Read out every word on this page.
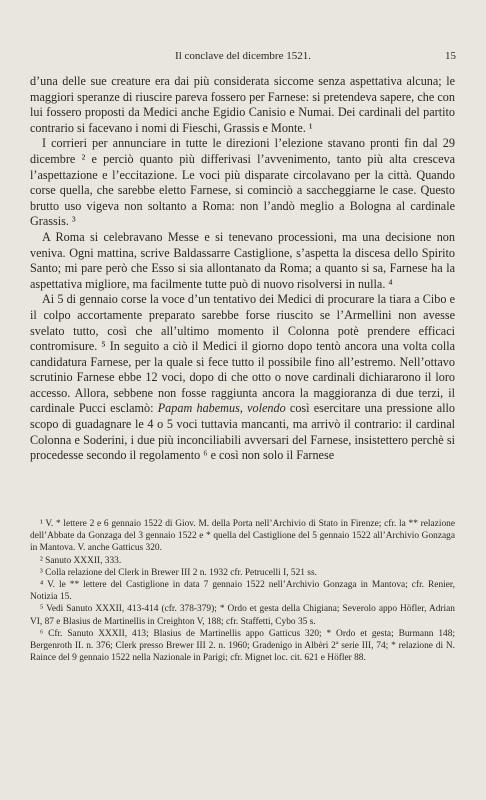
Il conclave del dicembre 1521.	15

d’una delle sue creature era dai più considerata siccome senza aspettativa alcuna; le maggiori speranze di riuscire pareva fossero per Farnese: si pretendeva sapere, che con lui fossero proposti da Medici anche Egidio Canisio e Numai. Dei cardinali del partito contrario si facevano i nomi di Fieschi, Grassis e Monte. ¹

I corrieri per annunciare in tutte le direzioni l’elezione stavano pronti fin dal 29 dicembre ² e perciò quanto più differivasi l’avvenimento, tanto più alta cresceva l’aspettazione e l’eccitazione. Le voci più disparate circolavano per la città. Quando corse quella, che sarebbe eletto Farnese, si cominciò a saccheggiarne le case. Questo brutto uso vigeva non soltanto a Roma: non l’andò meglio a Bologna al cardinale Grassis. ³

A Roma si celebravano Messe e si tenevano processioni, ma una decisione non veniva. Ogni mattina, scrive Baldassarre Castiglione, s’aspetta la discesa dello Spirito Santo; mi pare però che Esso si sia allontanato da Roma; a quanto si sa, Farnese ha la aspettativa migliore, ma facilmente tutte può di nuovo risolversi in nulla. ⁴

Ai 5 di gennaio corse la voce d’un tentativo dei Medici di procurare la tiara a Cibo e il colpo accortamente preparato sarebbe forse riuscito se l’Armellini non avesse svelato tutto, così che all’ultimo momento il Colonna potè prendere efficaci contromisure. ⁵ In seguito a ciò il Medici il giorno dopo tentò ancora una volta colla candidatura Farnese, per la quale si fece tutto il possibile fino all’estremo. Nell’ottavo scrutinio Farnese ebbe 12 voci, dopo di che otto o nove cardinali dichiararono il loro accesso. Allora, sebbene non fosse raggiunta ancora la maggioranza di due terzi, il cardinale Pucci esclamò: Papam habemus, volendo così esercitare una pressione allo scopo di guadagnare le 4 o 5 voci tuttavia mancanti, ma arrivò il contrario: il cardinal Colonna e Soderini, i due più inconciliabili avversari del Farnese, insistettero perchè si procedesse secondo il regolamento ⁶ e così non solo il Farnese

¹ V. * lettere 2 e 6 gennaio 1522 di Giov. M. della Porta nell’Archivio di Stato in Firenze; cfr. la ** relazione dell’Abbate da Gonzaga del 3 gennaio 1522 e * quella del Castiglione del 5 gennaio 1522 all’Archivio Gonzaga in Mantova. V. anche Gatticus 320.

² Sanuto XXXII, 333.

³ Colla relazione del Clerk in Brewer III 2 n. 1932 cfr. Petrucelli I, 521 ss.

⁴ V. le ** lettere del Castiglione in data 7 gennaio 1522 nell’Archivio Gonzaga in Mantova; cfr. Renier, Notizia 15.

⁵ Vedi Sanuto XXXII, 413-414 (cfr. 378-379); * Ordo et gesta della Chigiana; Severolo appo Höfler, Adrian VI, 87 e Blasius de Martinellis in Creighton V, 188; cfr. Staffetti, Cybo 35 s.

⁶ Cfr. Sanuto XXXII, 413; Blasius de Martinellis appo Gatticus 320; * Ordo et gesta; Burmann 148; Bergenroth II. n. 376; Clerk presso Brewer III 2. n. 1960; Gradenigo in Albèri 2ª serie III, 74; * relazione di N. Raince del 9 gennaio 1522 nella Nazionale in Parigi; cfr. Mignet loc. cit. 621 e Höfler 88.
